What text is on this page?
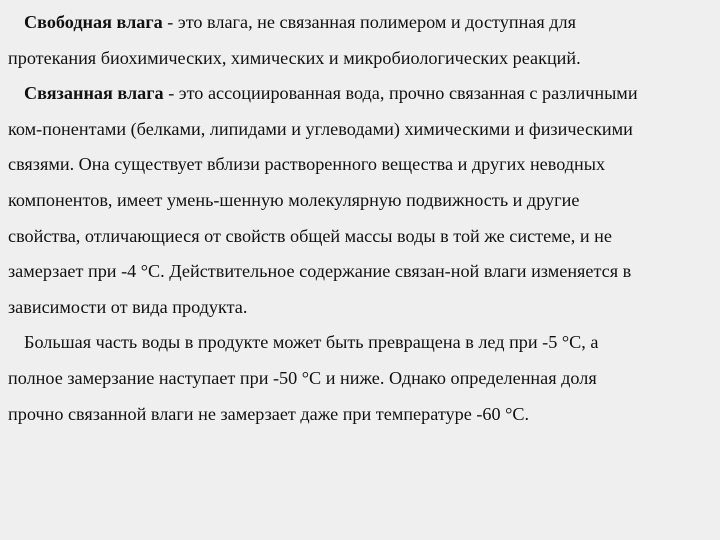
Свободная влага - это влага, не связанная полимером и доступная для
протекания биохимических, химических и микробиологических реакций.
Связанная влага - это ассоциированная вода, прочно связанная с различными
ком-понентами (белками, липидами и углеводами) химическими и физическими
связями. Она существует вблизи растворенного вещества и других неводных
компонентов, имеет умень-шенную молекулярную подвижность и другие
свойства, отличающиеся от свойств общей массы воды в той же системе, и не
замерзает при -4 °С. Действительное содержание связан-ной влаги изменяется в
зависимости от вида продукта.
Большая часть воды в продукте может быть превращена в лед при -5 °С, а
полное замерзание наступает при -50 °С и ниже. Однако определенная доля
прочно связанной влаги не замерзает даже при температуре -60 °С.
